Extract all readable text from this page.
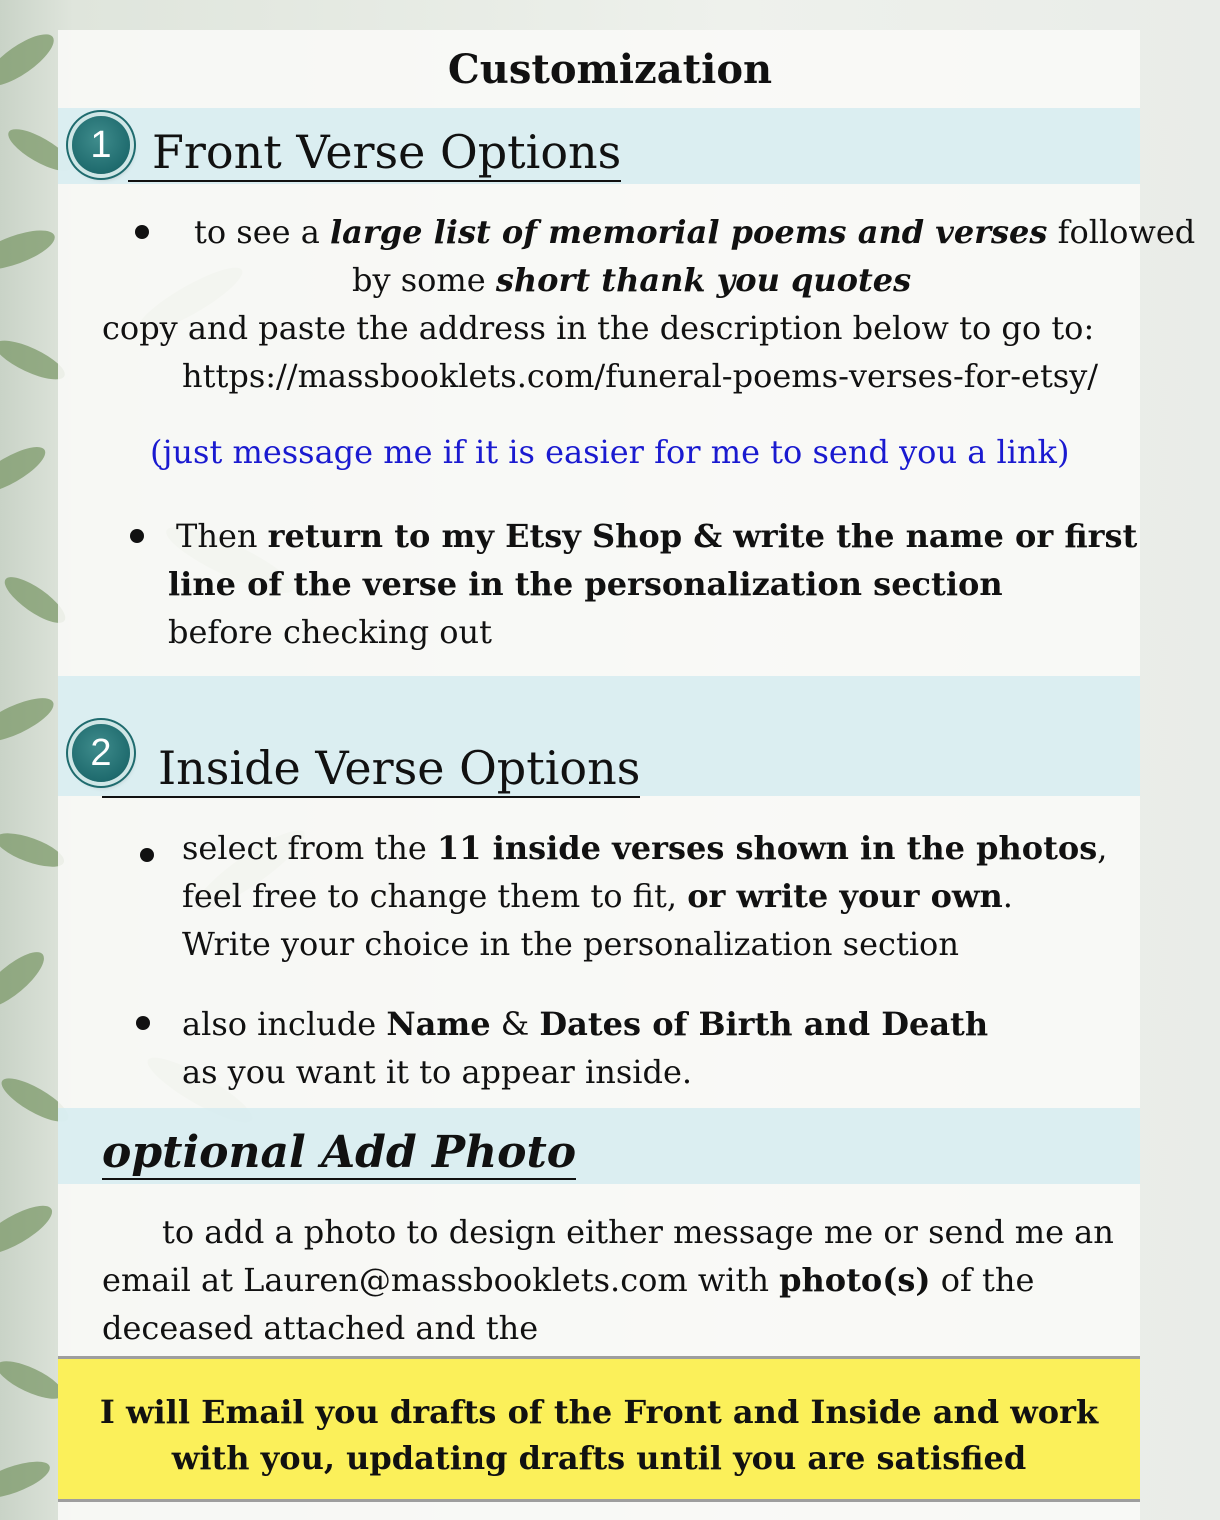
Customization
1 Front Verse Options
to see a large list of memorial poems and verses followed
by some short thank you quotes
copy and paste the address in the description below to go to:
https://massbooklets.com/funeral-poems-verses-for-etsy/
(just message me if it is easier for me to send you a link)
Then return to my Etsy Shop & write the name or first
line of the verse in the personalization section
before checking out
2	Inside Verse Options
select from the 11 inside verses shown in the photos,
feel free to change them to fit, or write your own.
Write your choice in the personalization section
also include Name & Dates of Birth and Death
as you want it to appear inside.
optional Add Photo
to add a photo to design either message me or send me an
email at Lauren@massbooklets.com with photo(s) of the
deceased attached and the
I will Email you drafts of the Front and Inside and work
with you, updating drafts until you are satisfied
